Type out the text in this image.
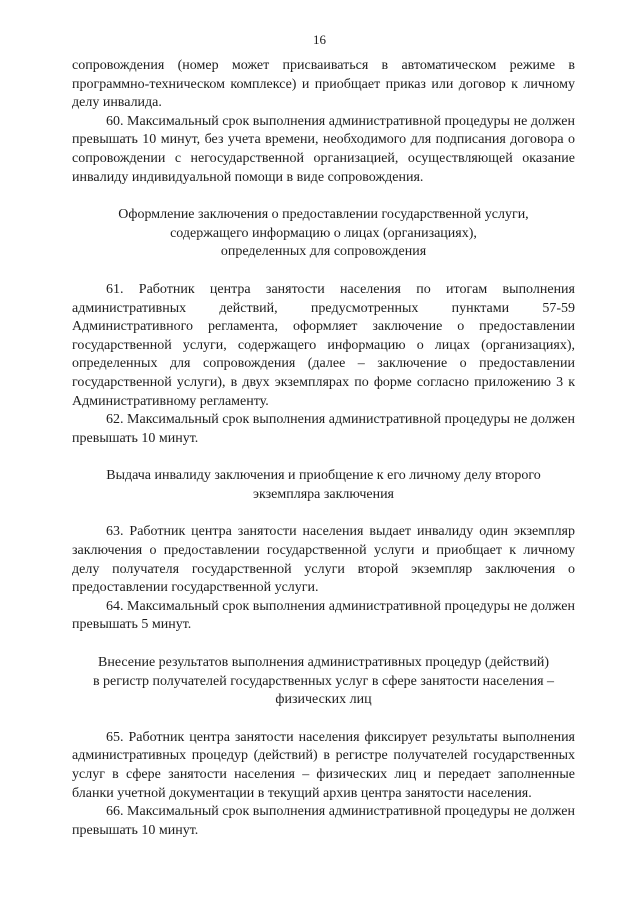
16

сопровождения (номер может присваиваться в автоматическом режиме в программно-техническом комплексе) и приобщает приказ или договор к личному делу инвалида.

60. Максимальный срок выполнения административной процедуры не должен превышать 10 минут, без учета времени, необходимого для подписания договора о сопровождении с негосударственной организацией, осуществляющей оказание инвалиду индивидуальной помощи в виде сопровождения.

Оформление заключения о предоставлении государственной услуги,
содержащего информацию о лицах (организациях),
определенных для сопровождения

61. Работник центра занятости населения по итогам выполнения административных действий, предусмотренных пунктами 57-59 Административного регламента, оформляет заключение о предоставлении государственной услуги, содержащего информацию о лицах (организациях), определенных для сопровождения (далее – заключение о предоставлении государственной услуги), в двух экземплярах по форме согласно приложению 3 к Административному регламенту.

62. Максимальный срок выполнения административной процедуры не должен превышать 10 минут.

Выдача инвалиду заключения и приобщение к его личному делу второго
экземпляра заключения

63. Работник центра занятости населения выдает инвалиду один экземпляр заключения о предоставлении государственной услуги и приобщает к личному делу получателя государственной услуги второй экземпляр заключения о предоставлении государственной услуги.

64. Максимальный срок выполнения административной процедуры не должен превышать 5 минут.

Внесение результатов выполнения административных процедур (действий)
в регистр получателей государственных услуг в сфере занятости населения –
физических лиц

65. Работник центра занятости населения фиксирует результаты выполнения административных процедур (действий) в регистре получателей государственных услуг в сфере занятости населения – физических лиц и передает заполненные бланки учетной документации в текущий архив центра занятости населения.

66. Максимальный срок выполнения административной процедуры не должен превышать 10 минут.
